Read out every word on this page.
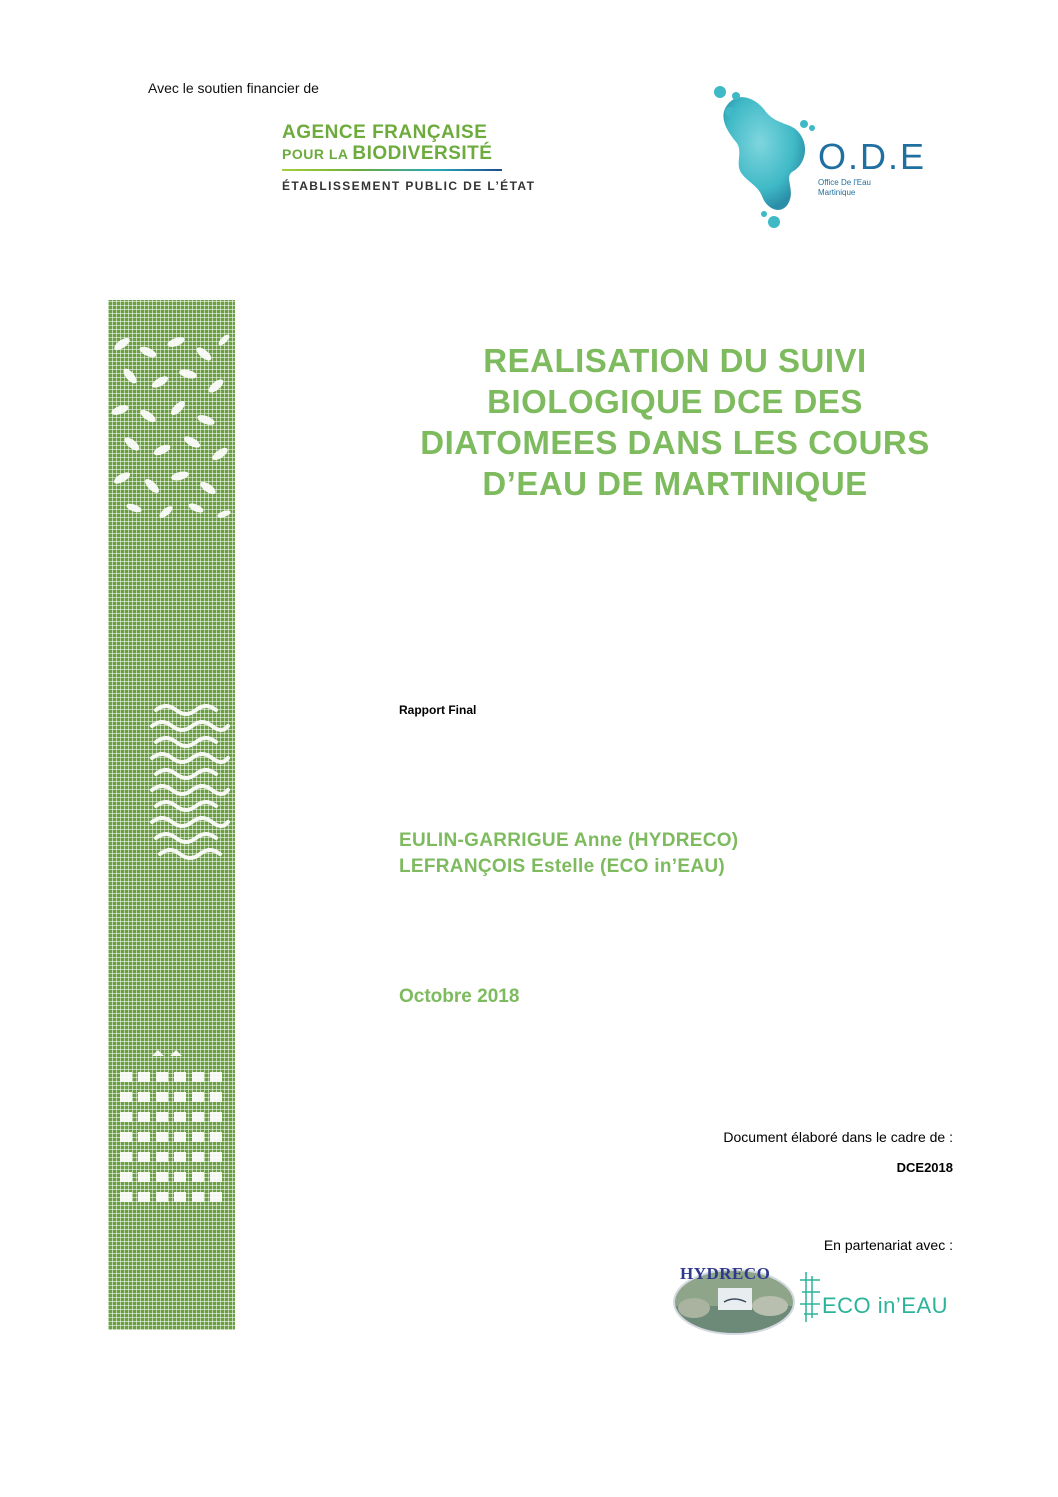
Avec le soutien financier de
AGENCE FRANÇAISE
POUR LA BIODIVERSITÉ
ÉTABLISSEMENT PUBLIC DE L’ÉTAT
O.D.E
Office De l'Eau
Martinique
REALISATION DU SUIVI
BIOLOGIQUE DCE DES
DIATOMEES DANS LES COURS
D’EAU DE MARTINIQUE
Rapport Final
EULIN-GARRIGUE Anne (HYDRECO)
LEFRANÇOIS Estelle (ECO in’EAU)
Octobre 2018
Document élaboré dans le cadre de :
DCE2018
En partenariat avec :
HYDRECO
ECO in’EAU
